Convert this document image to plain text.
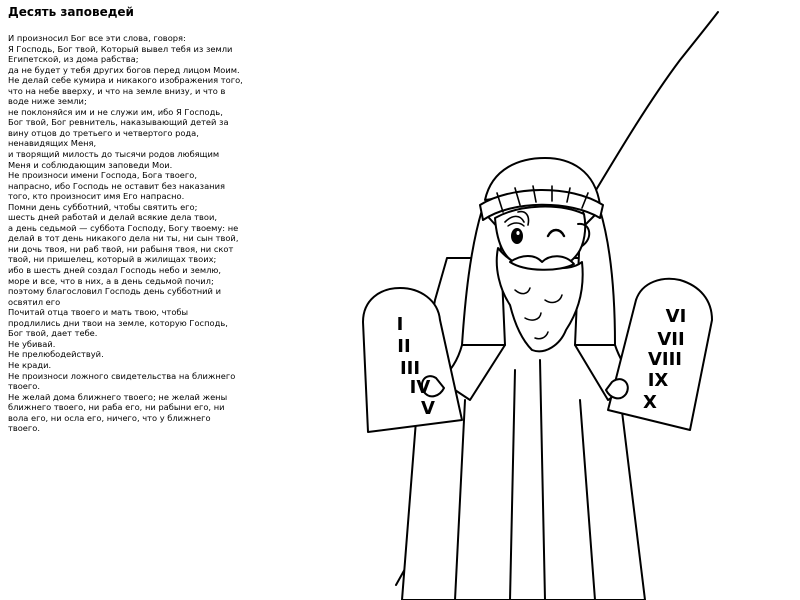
Десять заповедей
И произносил Бог все эти слова, говоря:
Я Господь, Бог твой, Который вывел тебя из земли
Египетской, из дома рабства;
да не будет у тебя других богов перед лицом Моим.
Не делай себе кумира и никакого изображения того,
что на небе вверху, и что на земле внизу, и что в
воде ниже земли;
не поклоняйся им и не служи им, ибо Я Господь,
Бог твой, Бог ревнитель, наказывающий детей за
вину отцов до третьего и четвертого рода,
ненавидящих Меня,
и творящий милость до тысячи родов любящим
Меня и соблюдающим заповеди Мои.
Не произноси имени Господа, Бога твоего,
напрасно, ибо Господь не оставит без наказания
того, кто произносит имя Его напрасно.
Помни день субботний, чтобы святить его;
шесть дней работай и делай всякие дела твои,
а день седьмой — суббота Господу, Богу твоему: не
делай в тот день никакого дела ни ты, ни сын твой,
ни дочь твоя, ни раб твой, ни рабыня твоя, ни скот
твой, ни пришелец, который в жилищах твоих;
ибо в шесть дней создал Господь небо и землю,
море и все, что в них, а в день седьмой почил;
поэтому благословил Господь день субботний и
освятил его
Почитай отца твоего и мать твою, чтобы
продлились дни твои на земле, которую Господь,
Бог твой, дает тебе.
Не убивай.
Не прелюбодействуй.
Не кради.
Не произноси ложного свидетельства на ближнего
твоего.
Не желай дома ближнего твоего; не желай жены
ближнего твоего, ни раба его, ни рабыни его, ни
вола его, ни осла его, ничего, что у ближнего
твоего.
I
II
III
IV
V
VI
VII
VIII
IX
X
